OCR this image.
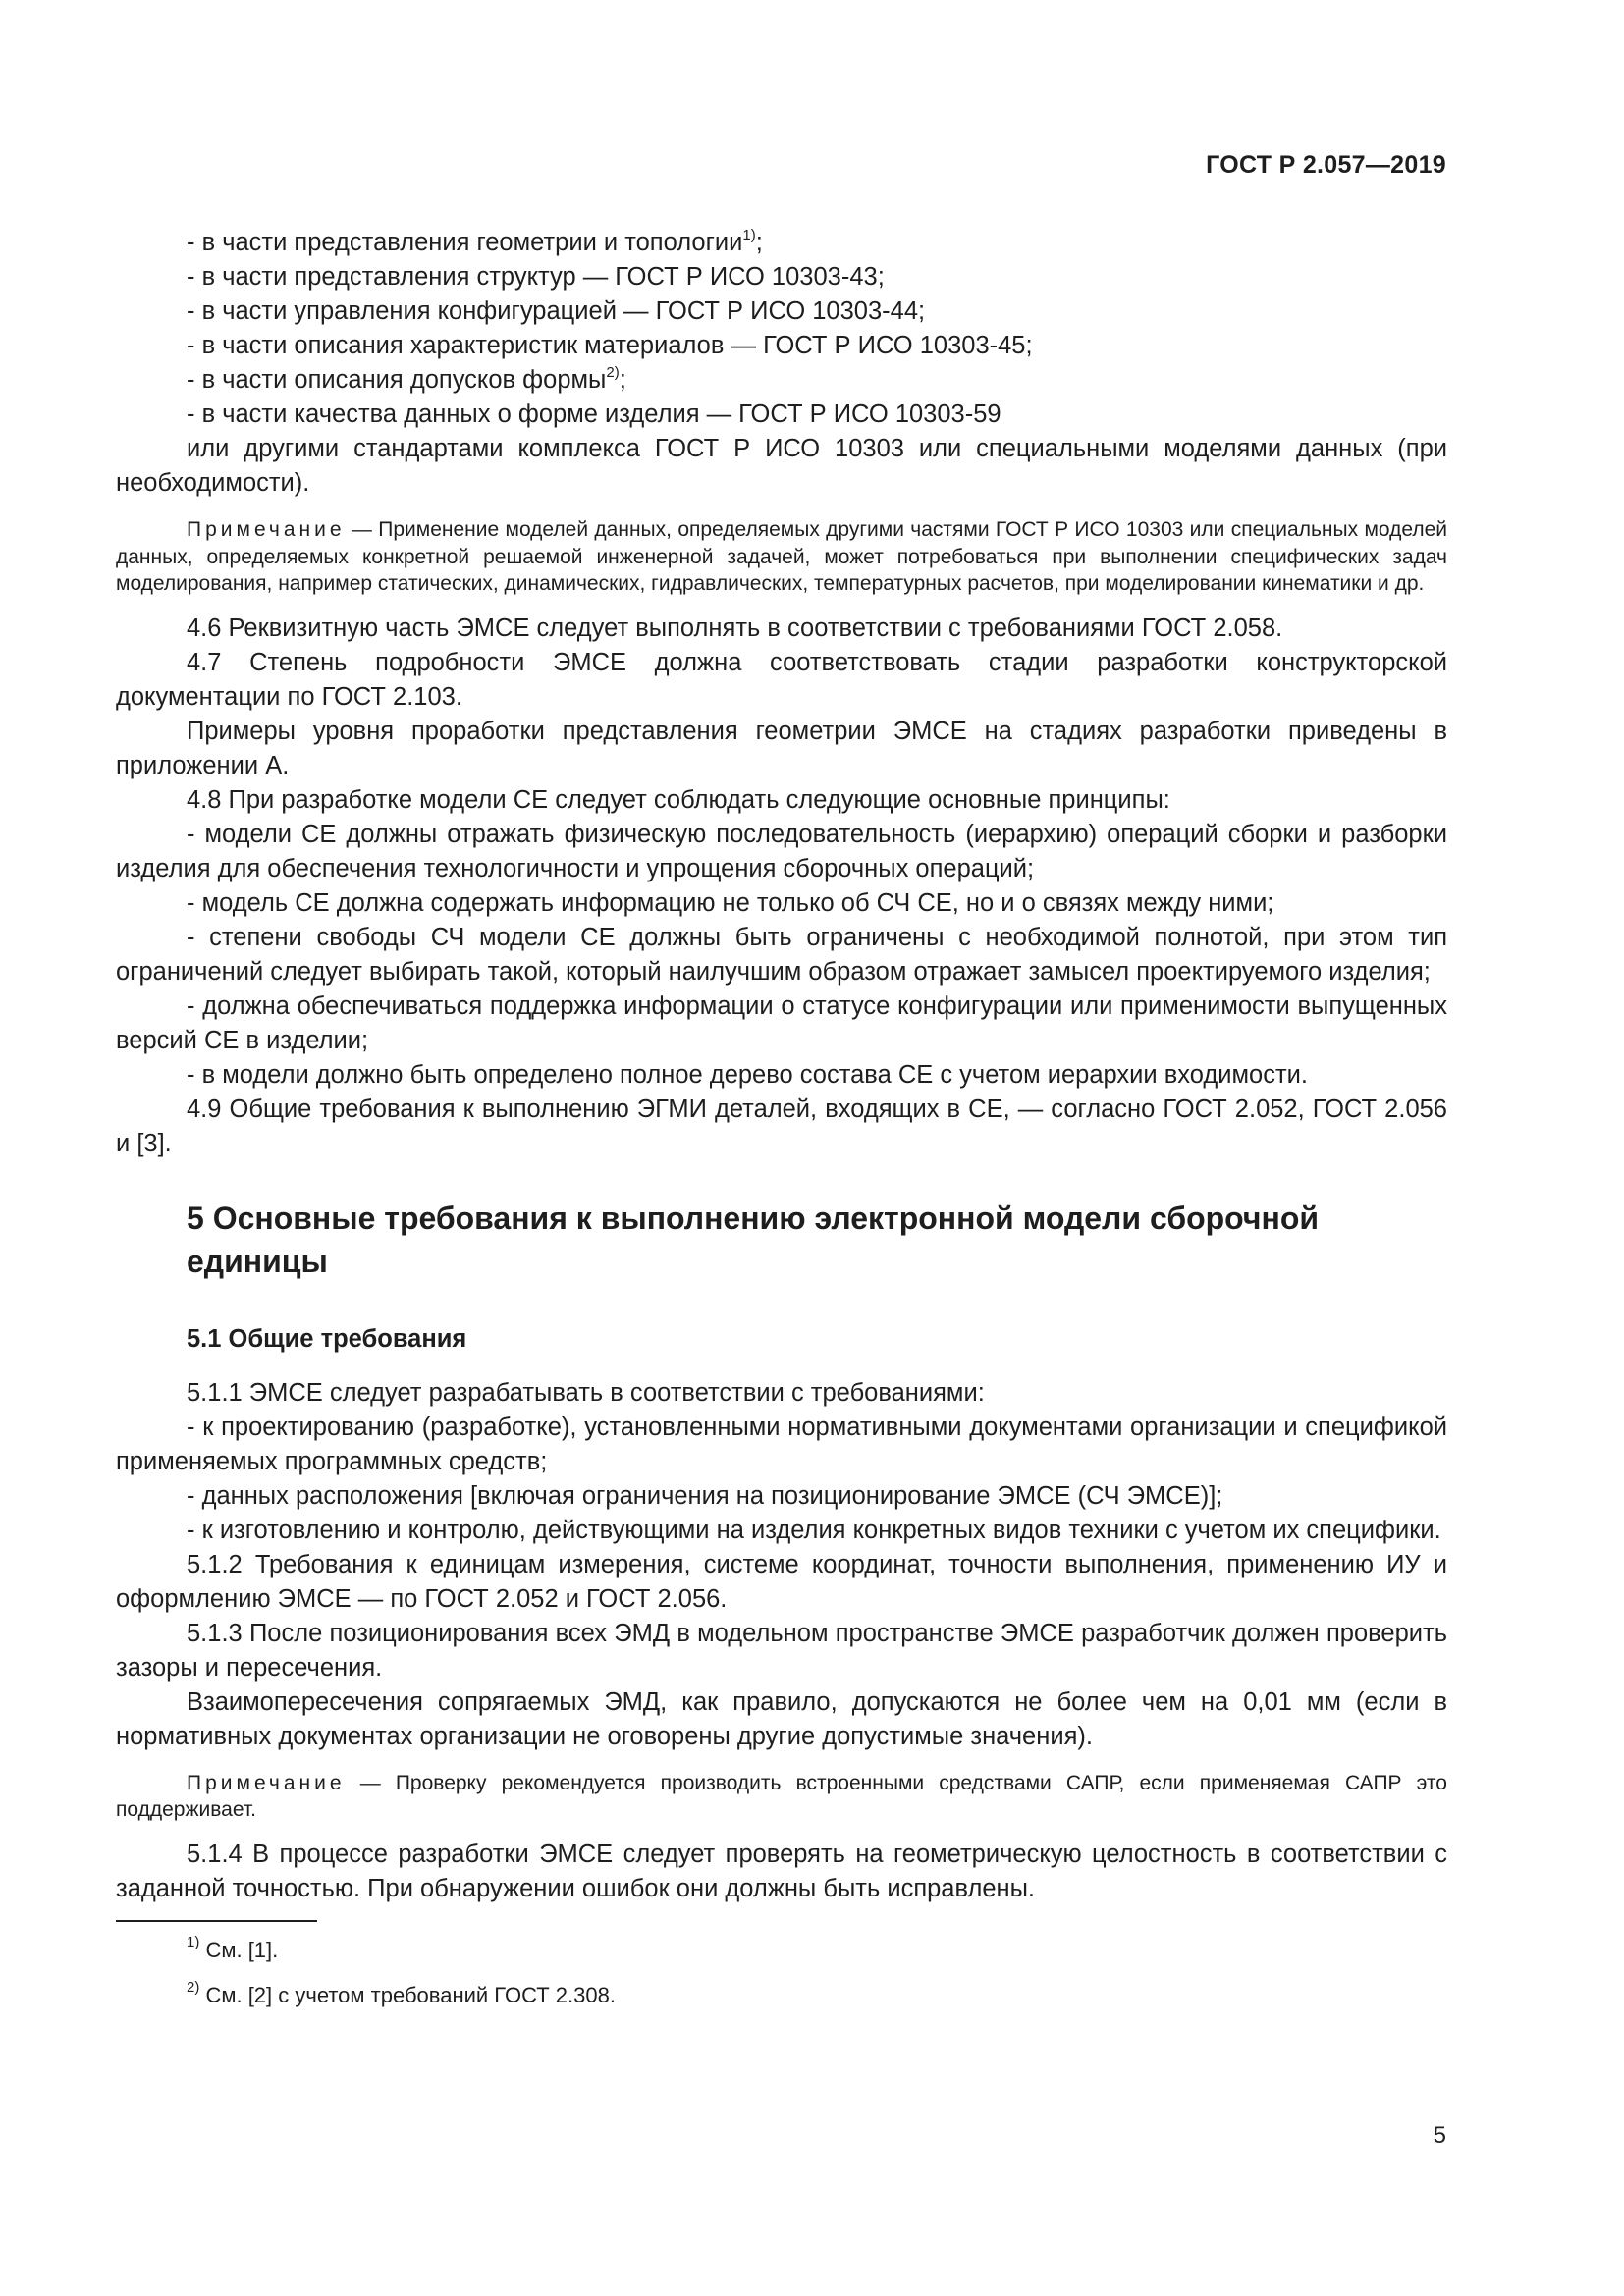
ГОСТ Р 2.057—2019

- в части представления геометрии и топологии$^{1)}$;

- в части представления структур — ГОСТ Р ИСО 10303-43;

- в части управления конфигурацией — ГОСТ Р ИСО 10303-44;

- в части описания характеристик материалов — ГОСТ Р ИСО 10303-45;

- в части описания допусков формы$^{2)}$;

- в части качества данных о форме изделия — ГОСТ Р ИСО 10303-59

или другими стандартами комплекса ГОСТ Р ИСО 10303 или специальными моделями данных (при необходимости).

Примечание — Применение моделей данных, определяемых другими частями ГОСТ Р ИСО 10303 или специальных моделей данных, определяемых конкретной решаемой инженерной задачей, может потребоваться при выполнении специфических задач моделирования, например статических, динамических, гидравлических, температурных расчетов, при моделировании кинематики и др.

4.6 Реквизитную часть ЭМСЕ следует выполнять в соответствии с требованиями ГОСТ 2.058.

4.7 Степень подробности ЭМСЕ должна соответствовать стадии разработки конструкторской документации по ГОСТ 2.103.

Примеры уровня проработки представления геометрии ЭМСЕ на стадиях разработки приведены в приложении А.

4.8 При разработке модели СЕ следует соблюдать следующие основные принципы:

- модели СЕ должны отражать физическую последовательность (иерархию) операций сборки и разборки изделия для обеспечения технологичности и упрощения сборочных операций;

- модель СЕ должна содержать информацию не только об СЧ СЕ, но и о связях между ними;

- степени свободы СЧ модели СЕ должны быть ограничены с необходимой полнотой, при этом тип ограничений следует выбирать такой, который наилучшим образом отражает замысел проектируемого изделия;

- должна обеспечиваться поддержка информации о статусе конфигурации или применимости выпущенных версий СЕ в изделии;

- в модели должно быть определено полное дерево состава СЕ с учетом иерархии входимости.

4.9 Общие требования к выполнению ЭГМИ деталей, входящих в СЕ, — согласно ГОСТ 2.052, ГОСТ 2.056 и [3].

5 Основные требования к выполнению электронной модели сборочной единицы
5.1 Общие требования

5.1.1 ЭМСЕ следует разрабатывать в соответствии с требованиями:

- к проектированию (разработке), установленными нормативными документами организации и спецификой применяемых программных средств;

- данных расположения [включая ограничения на позиционирование ЭМСЕ (СЧ ЭМСЕ)];

- к изготовлению и контролю, действующими на изделия конкретных видов техники с учетом их специфики.

5.1.2 Требования к единицам измерения, системе координат, точности выполнения, применению ИУ и оформлению ЭМСЕ — по ГОСТ 2.052 и ГОСТ 2.056.

5.1.3 После позиционирования всех ЭМД в модельном пространстве ЭМСЕ разработчик должен проверить зазоры и пересечения.

Взаимопересечения сопрягаемых ЭМД, как правило, допускаются не более чем на 0,01 мм (если в нормативных документах организации не оговорены другие допустимые значения).

Примечание — Проверку рекомендуется производить встроенными средствами САПР, если применяемая САПР это поддерживает.

5.1.4 В процессе разработки ЭМСЕ следует проверять на геометрическую целостность в соответствии с заданной точностью. При обнаружении ошибок они должны быть исправлены.

$^{1)}$ См. [1].
$^{2)}$ См. [2] с учетом требований ГОСТ 2.308.
5
